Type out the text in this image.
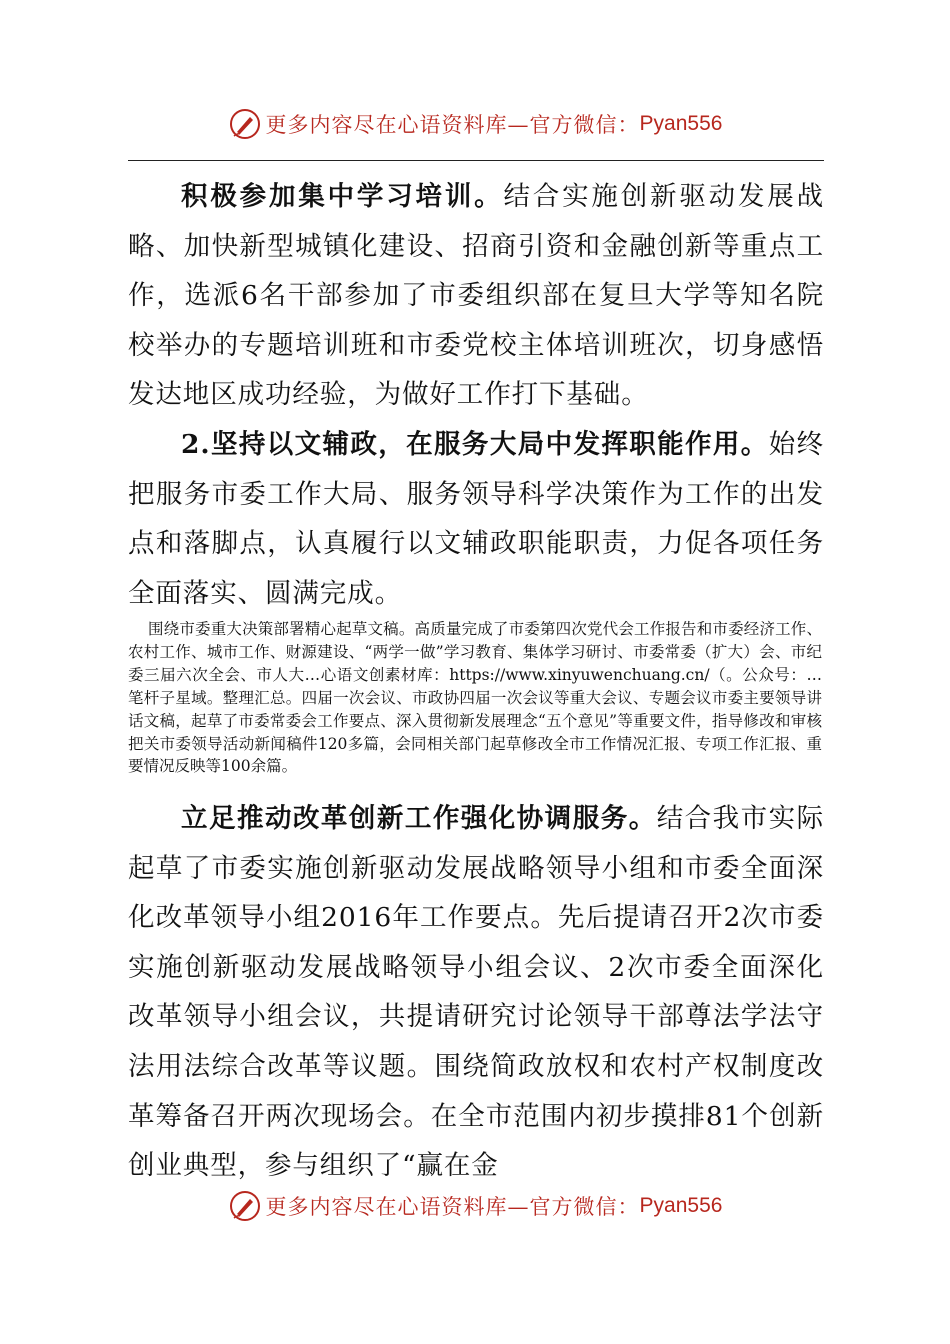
更多内容尽在心语资料库—官方微信： Pyan556

积极参加集中学习培训。结合实施创新驱动发展战略、加快新型城镇化建设、招商引资和金融创新等重点工作，选派6名干部参加了市委组织部在复旦大学等知名院校举办的专题培训班和市委党校主体培训班次，切身感悟发达地区成功经验，为做好工作打下基础。

2.坚持以文辅政，在服务大局中发挥职能作用。始终把服务市委工作大局、服务领导科学决策作为工作的出发点和落脚点，认真履行以文辅政职能职责，力促各项任务全面落实、圆满完成。

围绕市委重大决策部署精心起草文稿。高质量完成了市委第四次党代会工作报告和市委经济工作、农村工作、城市工作、财源建设、“两学一做”学习教育、集体学习研讨、市委常委（扩大）会、市纪委三届六次全会、市人大…心语文创素材库：https://www.xinyuwenchuang.cn/（。公众号：…笔杆子星域。整理汇总。四届一次会议、市政协四届一次会议等重大会议、专题会议市委主要领导讲话文稿，起草了市委常委会工作要点、深入贯彻新发展理念“五个意见”等重要文件，指导修改和审核把关市委领导活动新闻稿件120多篇，会同相关部门起草修改全市工作情况汇报、专项工作汇报、重要情况反映等100余篇。

立足推动改革创新工作强化协调服务。结合我市实际起草了市委实施创新驱动发展战略领导小组和市委全面深化改革领导小组2016年工作要点。先后提请召开2次市委实施创新驱动发展战略领导小组会议、2次市委全面深化改革领导小组会议，共提请研究讨论领导干部尊法学法守法用法综合改革等议题。围绕简政放权和农村产权制度改革筹备召开两次现场会。在全市范围内初步摸排81个创新创业典型，参与组织了“赢在金

更多内容尽在心语资料库—官方微信： Pyan556
